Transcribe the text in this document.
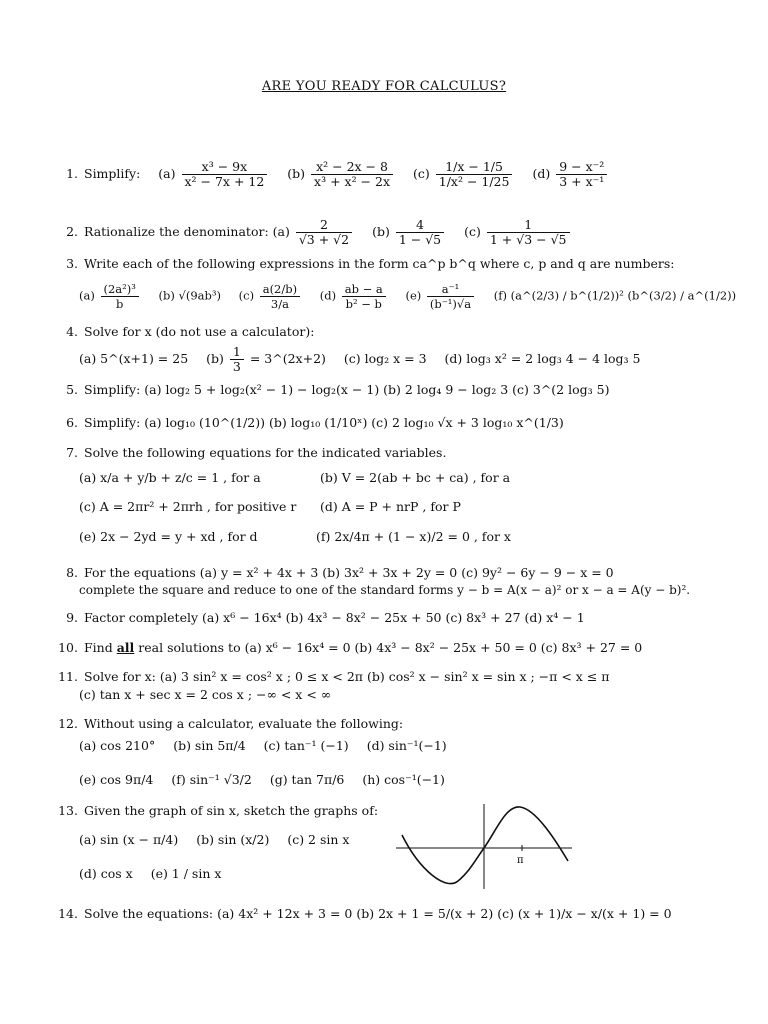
ARE YOU READY FOR CALCULUS?
1. Simplify: $(a) \frac{\text{x³ − 9x}}{\text{x² − 7x + 12}} (b) \frac{\text{x² − 2x − 8}}{\text{x³ + x² − 2x}} (c) \frac{1/x - 1/5}{\text{1/x² − 1/25}} (d) \frac{\text{9 − x⁻²}}{\text{3 + x⁻¹}}$
2. Rationalize the denominator: $(a) \frac{2}{√3 + √2} (b) \frac{4}{1 - √5} (c) \frac{1}{1 + √3 - √5}$
3. Write each of the following expressions in the form ca^p b^q where c, p and q are numbers:
$(a) \frac{\text{(2a²)³}}{b} (b)$ √(9ab³) $(c) \frac{a(2/b)}{3/a} (d) \frac{ab - a}{\text{b² − b}} (e) \frac{\text{a⁻¹}}{\text{(b⁻¹)√a}} (f)$ (a^(2/3) / b^(1/2))² (b^(3/2) / a^(1/2))
4. Solve for x (do not use a calculator):
(a) 5^(x+1) = 25 $(b) \frac{1}{3}$ = 3^(2x+2) (c) log₂ x = 3 (d) log₃ x² = 2 log₃ 4 − 4 log₃ 5
5. Simplify: (a) log₂ 5 + log₂(x² − 1) − log₂(x − 1) (b) 2 log₄ 9 − log₂ 3 (c) 3^(2 log₃ 5)
6. Simplify: (a) log₁₀ (10^(1/2)) (b) log₁₀ (1/10ˣ) (c) 2 log₁₀ √x + 3 log₁₀ x^(1/3)
7. Solve the following equations for the indicated variables.
(a) x/a + y/b + z/c = 1 , for a	(b) V = 2(ab + bc + ca) , for a
(c) A = 2πr² + 2πrh , for positive r (d) A = P + nrP , for P
(e) 2x − 2yd = y + xd , for d	(f) 2x/4π + (1 − x)/2 = 0 , for x
8. For the equations (a) y = x² + 4x + 3 (b) 3x² + 3x + 2y = 0 (c) 9y² − 6y − 9 − x = 0
complete the square and reduce to one of the standard forms y − b = A(x − a)² or x − a = A(y − b)².
9. Factor completely (a) x⁶ − 16x⁴ (b) 4x³ − 8x² − 25x + 50 (c) 8x³ + 27 (d) x⁴ − 1
10. Find all real solutions to (a) x⁶ − 16x⁴ = 0 (b) 4x³ − 8x² − 25x + 50 = 0 (c) 8x³ + 27 = 0
11. Solve for x: (a) 3 sin² x = cos² x ; 0 ≤ x < 2π (b) cos² x − sin² x = sin x ; −π < x ≤ π
(c) tan x + sec x = 2 cos x ; −∞ < x < ∞
12. Without using a calculator, evaluate the following:
(a) cos 210° (b) sin 5π/4 (c) tan⁻¹ (−1) (d) sin⁻¹(−1)
(e) cos 9π/4 (f) sin⁻¹ √3/2 (g) tan 7π/6 (h) cos⁻¹(−1)
13. Given the graph of sin x, sketch the graphs of:
(a) sin (x − π/4) (b) sin (x/2) (c) 2 sin x
(d) cos x (e) 1 / sin x
π
14. Solve the equations: (a) 4x² + 12x + 3 = 0 (b) 2x + 1 = 5/(x + 2) (c) (x + 1)/x − x/(x + 1) = 0
